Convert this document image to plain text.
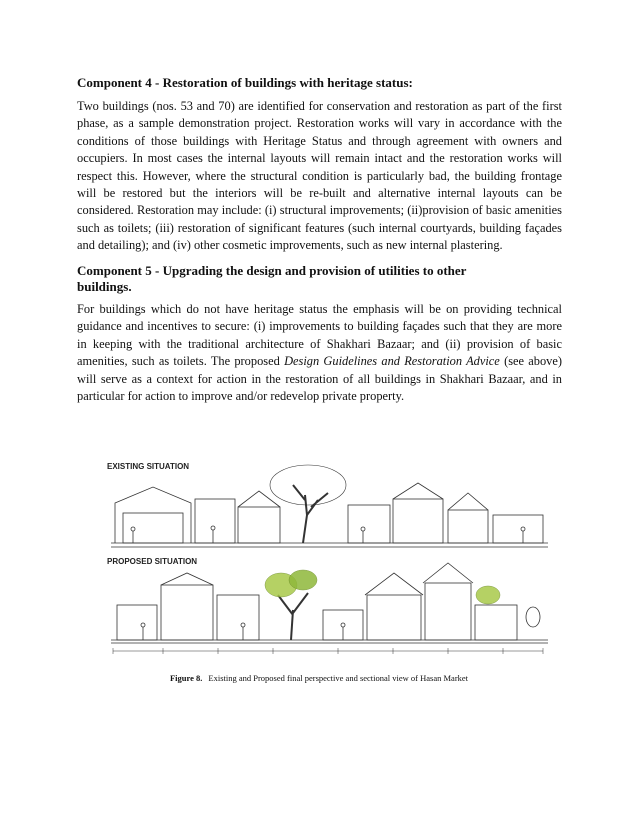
Component 4 - Restoration of buildings with heritage status:

Two buildings (nos. 53 and 70) are identified for conservation and restoration as part of the first phase, as a sample demonstration project. Restoration works will vary in accordance with the conditions of those buildings with Heritage Status and through agreement with owners and occupiers. In most cases the internal layouts will remain intact and the restoration works will respect this. However, where the structural condition is particularly bad, the building frontage will be restored but the interiors will be re-built and alternative internal layouts can be considered. Restoration may include: (i) structural improvements; (ii)provision of basic amenities such as toilets; (iii) restoration of significant features (such internal courtyards, building façades and detailing); and (iv) other cosmetic improvements, such as new internal plastering.

Component 5 - Upgrading the design and provision of utilities to other buildings.

For buildings which do not have heritage status the emphasis will be on providing technical guidance and incentives to secure: (i) improvements to building façades such that they are more in keeping with the traditional architecture of Shakhari Bazaar; and (ii) provision of basic amenities, such as toilets. The proposed Design Guidelines and Restoration Advice (see above) will serve as a context for action in the restoration of all buildings in Shakhari Bazaar, and in particular for action to improve and/or redevelop private property.

EXISTING SITUATION
PROPOSED SITUATION
Figure 8. Existing and Proposed final perspective and sectional view of Hasan Market
